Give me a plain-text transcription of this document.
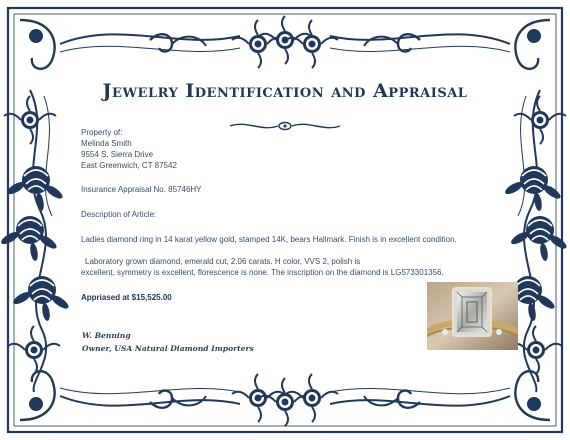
Jewelry Identification and Appraisal
Property of:
Melinda Smith
9554 S. Sierra Drive
East Greenwich, CT 87542
Insurance Appraisal No. 85746HY
Description of Article:
Ladies diamond ring in 14 karat yellow gold, stamped 14K, bears Hallmark. Finish is in excellent condition.
Laboratory grown diamond, emerald cut, 2.06 carats. H color, VVS 2, polish is
excellent, symmetry is excellent, florescence is none. The inscription on the diamond is LG573301356.
Appriased at $15,525.00
W. Benning
Owner, USA Natural Diamond Importers
